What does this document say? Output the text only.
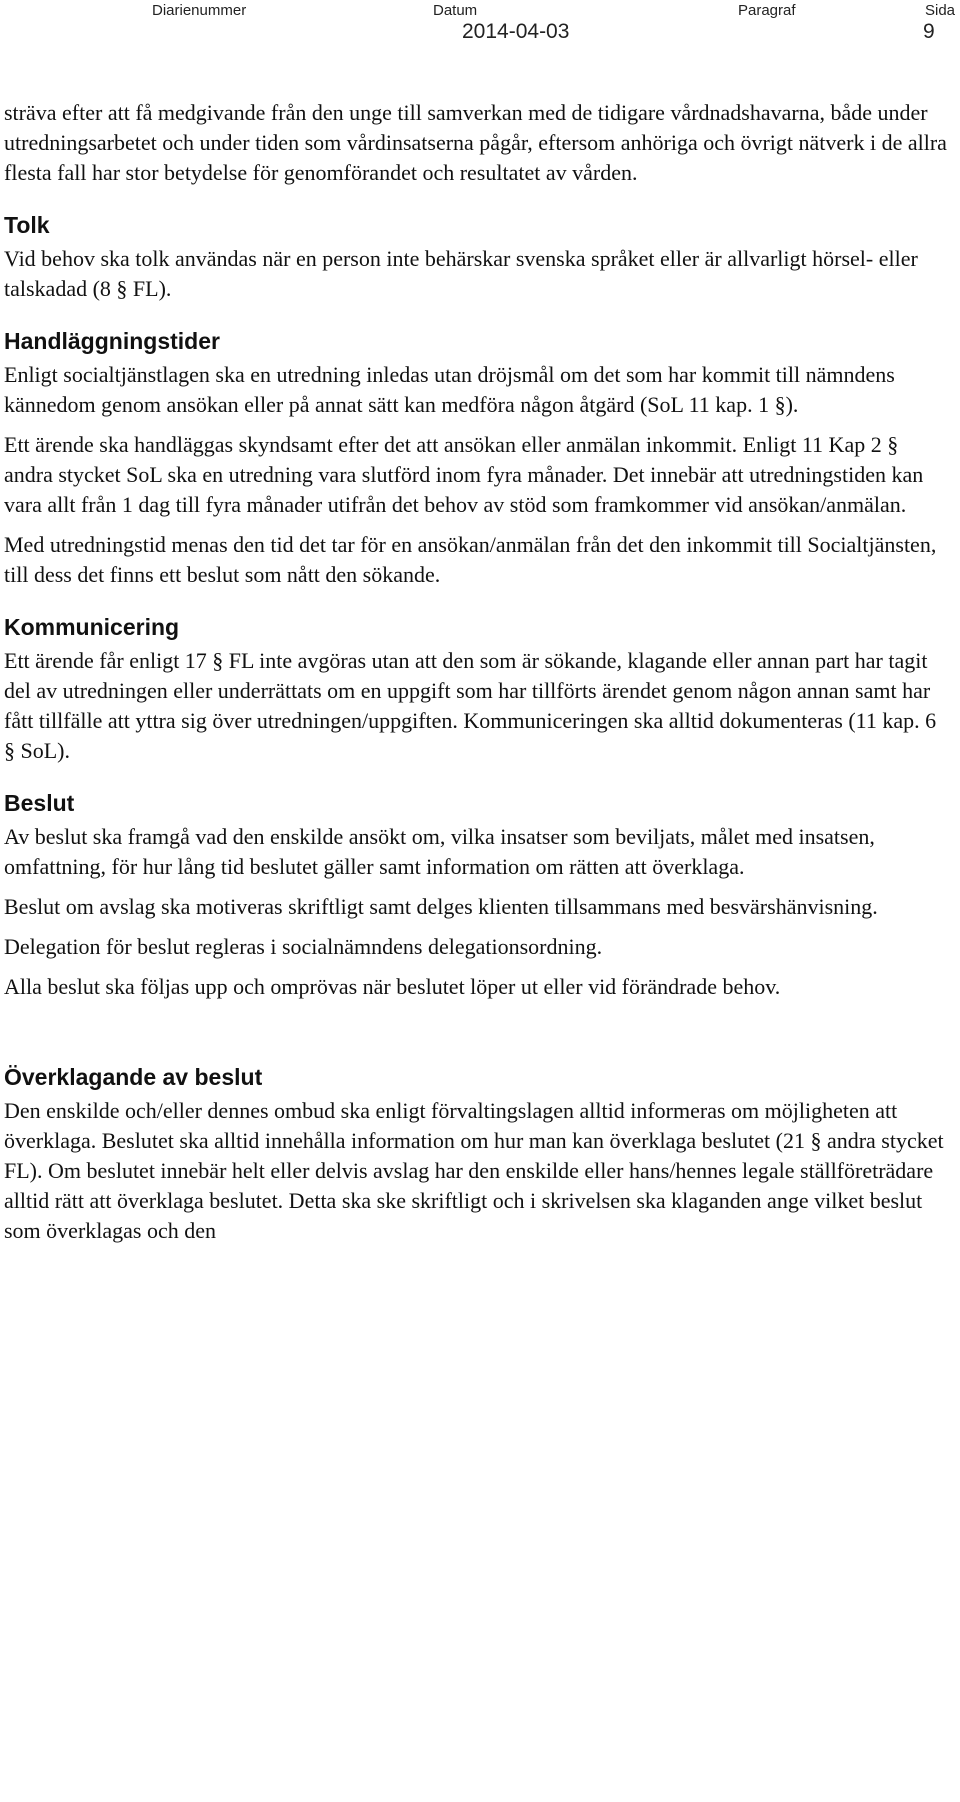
Diarienummer	Datum
2014-04-03
Paragraf	Sida
9

sträva efter att få medgivande från den unge till samverkan med de tidigare vårdnadshavarna, både under utredningsarbetet och under tiden som vårdinsatserna pågår, eftersom anhöriga och övrigt nätverk i de allra flesta fall har stor betydelse för genomförandet och resultatet av vården.

Tolk

Vid behov ska tolk användas när en person inte behärskar svenska språket eller är allvarligt hörsel- eller talskadad (8 § FL).

Handläggningstider

Enligt socialtjänstlagen ska en utredning inledas utan dröjsmål om det som har kommit till nämndens kännedom genom ansökan eller på annat sätt kan medföra någon åtgärd (SoL 11 kap. 1 §).

Ett ärende ska handläggas skyndsamt efter det att ansökan eller anmälan inkommit. Enligt 11 Kap 2 § andra stycket SoL ska en utredning vara slutförd inom fyra månader. Det innebär att utredningstiden kan vara allt från 1 dag till fyra månader utifrån det behov av stöd som framkommer vid ansökan/anmälan.

Med utredningstid menas den tid det tar för en ansökan/anmälan från det den inkommit till Socialtjänsten, till dess det finns ett beslut som nått den sökande.

Kommunicering

Ett ärende får enligt 17 § FL inte avgöras utan att den som är sökande, klagande eller annan part har tagit del av utredningen eller underrättats om en uppgift som har tillförts ärendet genom någon annan samt har fått tillfälle att yttra sig över utredningen/uppgiften. Kommuniceringen ska alltid dokumenteras (11 kap. 6 § SoL).

Beslut

Av beslut ska framgå vad den enskilde ansökt om, vilka insatser som beviljats, målet med insatsen, omfattning, för hur lång tid beslutet gäller samt information om rätten att överklaga.

Beslut om avslag ska motiveras skriftligt samt delges klienten tillsammans med besvärshänvisning.

Delegation för beslut regleras i socialnämndens delegationsordning.

Alla beslut ska följas upp och omprövas när beslutet löper ut eller vid förändrade behov.

Överklagande av beslut

Den enskilde och/eller dennes ombud ska enligt förvaltingslagen alltid informeras om möjligheten att överklaga. Beslutet ska alltid innehålla information om hur man kan överklaga beslutet (21 § andra stycket FL). Om beslutet innebär helt eller delvis avslag har den enskilde eller hans/hennes legale ställföreträdare alltid rätt att överklaga beslutet. Detta ska ske skriftligt och i skrivelsen ska klaganden ange vilket beslut som överklagas och den
